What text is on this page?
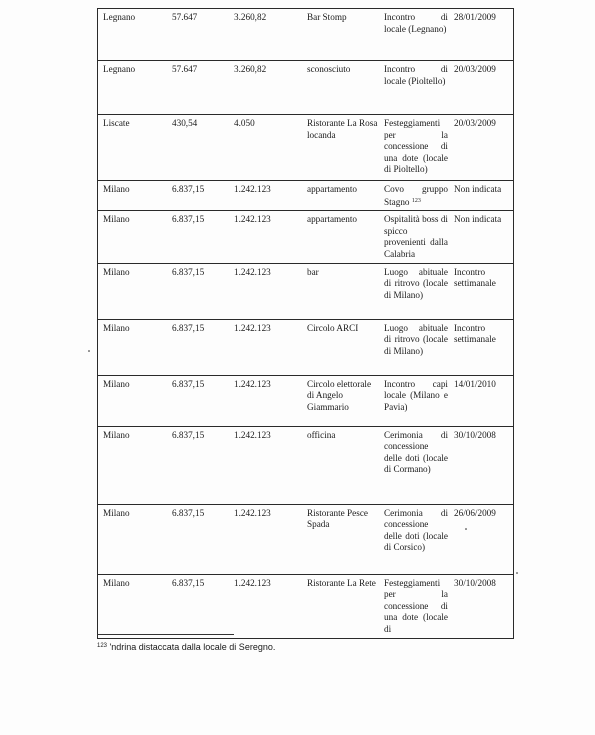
Legnano	57.647	3.260,82	Bar Stomp	Incontro di locale (Legnano)	28/01/2009
Legnano	57.647	3.260,82	sconosciuto	Incontro di locale (Pioltello)	20/03/2009
Liscate	430,54	4.050	Ristorante La Rosa locanda	Festeggiamenti per la concessione di una dote (locale di Pioltello)	20/03/2009
Milano	6.837,15	1.242.123	appartamento	Covo gruppo Stagno $^{123}$	Non indicata
Milano	6.837,15	1.242.123	appartamento	Ospitalità boss di spicco provenienti dalla Calabria	Non indicata
Milano	6.837,15	1.242.123	bar	Luogo abituale di ritrovo (locale di Milano)	Incontro settimanale
Milano	6.837,15	1.242.123	Circolo ARCI	Luogo abituale di ritrovo (locale di Milano)	Incontro settimanale
Milano	6.837,15	1.242.123	Circolo elettorale di Angelo Giammario	Incontro capi locale (Milano e Pavia)	14/01/2010
Milano	6.837,15	1.242.123	officina	Cerimonia di concessione delle doti (locale di Cormano)	30/10/2008
Milano	6.837,15	1.242.123	Ristorante Pesce Spada	Cerimonia di concessione delle doti (locale di Corsico)	26/06/2009
Milano	6.837,15	1.242.123	Ristorante La Rete	Festeggiamenti per la concessione di una dote (locale di	30/10/2008
$^{123}$ 'ndrina distaccata dalla locale di Seregno.
